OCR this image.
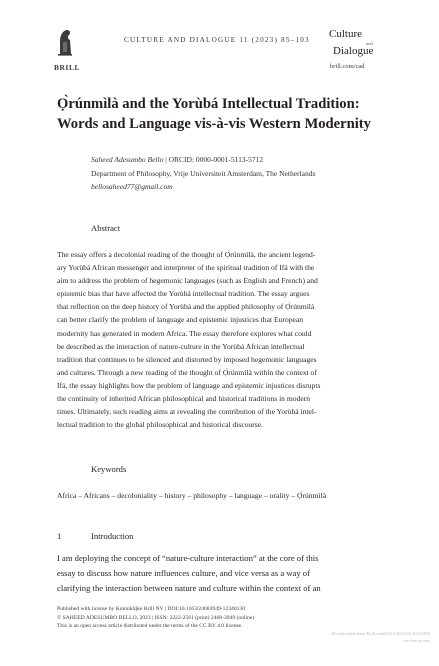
BRILL
CULTURE AND DIALOGUE 11 (2023) 85–103 Culture
and
Dialogue
brill.com/cad
Ọ̀rúnmìlà and the Yorùbá Intellectual Tradition:
Words and Language vis-à-vis Western Modernity
Saheed Adesumbo Bello | ORCID: 0000-0001-5113-5712
Department of Philosophy, Vrije Universiteit Amsterdam, The Netherlands
bellosaheed77@gmail.com
Abstract
The essay offers a decolonial reading of the thought of Ọ̀rúnmìlà, the ancient legend-
ary Yorùbá African messenger and interpreter of the spiritual tradition of Ifá with the
aim to address the problem of hegemonic languages (such as English and French) and
epistemic bias that have affected the Yorùbá intellectual tradition. The essay argues
that reflection on the deep history of Yorùbá and the applied philosophy of Ọ̀rúnmìlà
can better clarify the problem of language and epistemic injustices that European
modernity has generated in modern Africa. The essay therefore explores what could
be described as the interaction of nature-culture in the Yorùbá African intellectual
tradition that continues to be silenced and distorted by imposed hegemonic languages
and cultures. Through a new reading of the thought of Ọ̀rúnmìlà within the context of
Ifá, the essay highlights how the problem of language and epistemic injustices disrupts
the continuity of inherited African philosophical and historical traditions in modern
times. Ultimately, such reading aims at revealing the contribution of the Yorùbá intel-
lectual tradition to the global philosophical and historical discourse.
Keywords
Africa – Africans – decoloniality – history – philosophy – language – orality – Ọ̀rúnmìlà
1	Introduction
I am deploying the concept of “nature-culture interaction” at the core of this
essay to discuss how nature influences culture, and vice versa as a way of
clarifying the interaction between nature and culture within the context of an
Published with license by Koninklijke Brill NV | DOI:10.1163/24683949-12340130
© SAHEED ADESUMBO BELLO, 2023 | ISSN: 2222-2561 (print) 2468-3949 (online)
This is an open access article distributed under the terms of the CC BY 4.0 license.
Downloaded from Brill.com06/22/2023 03:20:23AM
via free access
